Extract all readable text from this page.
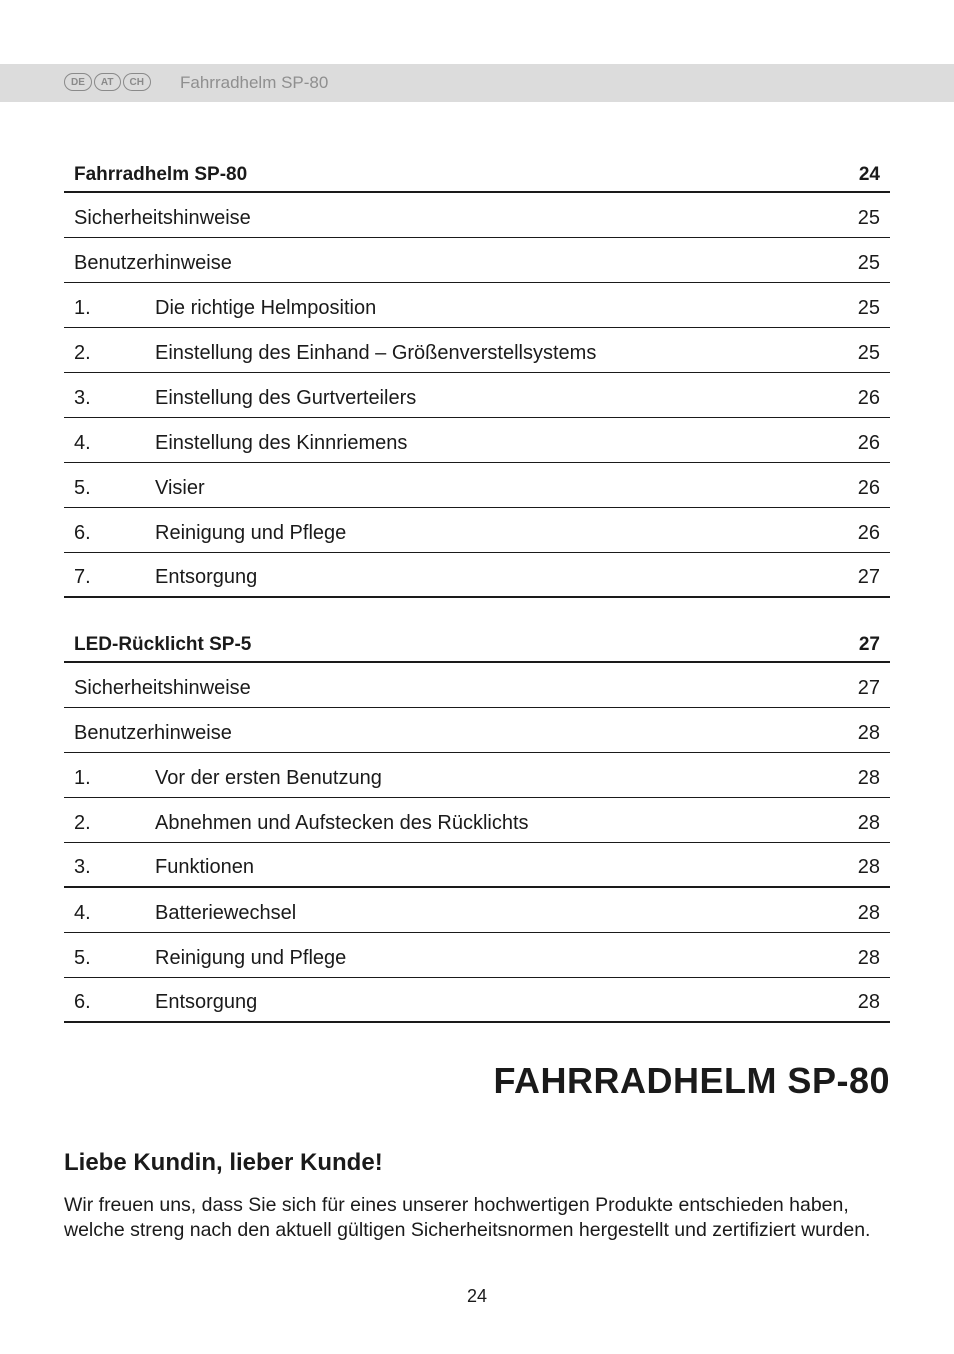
DE	AT	CH	Fahrradhelm SP-80
Fahrradhelm SP-80	24
Sicherheitshinweise	25
Benutzerhinweise	25
1.	Die richtige Helmposition	25
2.	Einstellung des Einhand – Größenverstellsystems	25
3.	Einstellung des Gurtverteilers	26
4.	Einstellung des Kinnriemens	26
5.	Visier	26
6.	Reinigung und Pflege	26
7.	Entsorgung	27
LED-Rücklicht SP-5	27
Sicherheitshinweise	27
Benutzerhinweise	28
1.	Vor der ersten Benutzung	28
2.	Abnehmen und Aufstecken des Rücklichts	28
3.	Funktionen	28
4.	Batteriewechsel	28
5.	Reinigung und Pflege	28
6.	Entsorgung	28
FAHRRADHELM SP-80
Liebe Kundin, lieber Kunde!
Wir freuen uns, dass Sie sich für eines unserer hochwertigen Produkte entschieden haben, welche streng nach den aktuell gültigen Sicherheitsnormen hergestellt und zertifiziert wurden.
24
